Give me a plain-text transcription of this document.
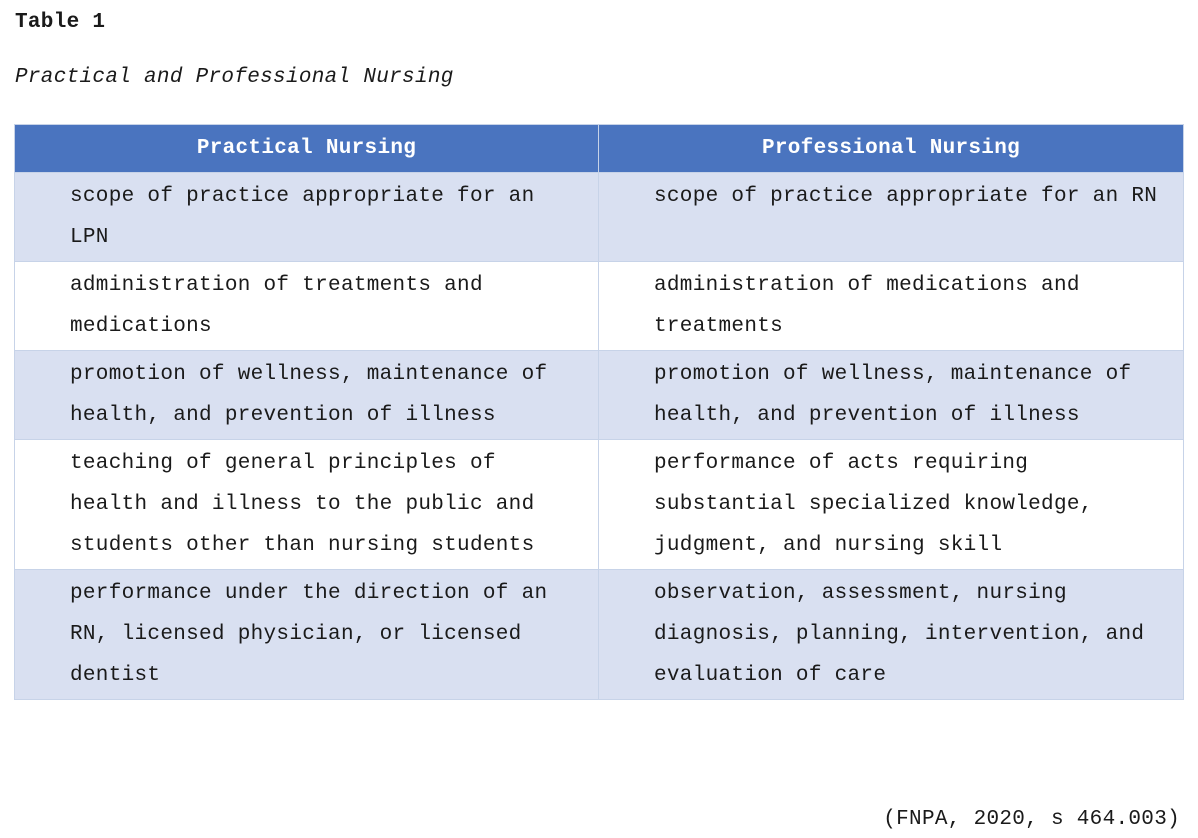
Table 1
Practical and Professional Nursing
Practical Nursing	Professional Nursing
scope of practice appropriate for an LPN	scope of practice appropriate for an RN
administration of treatments and medications	administration of medications and treatments
promotion of wellness, maintenance of health, and prevention of illness	promotion of wellness, maintenance of health, and prevention of illness
teaching of general principles of health and illness to the public and students other than nursing students	performance of acts requiring substantial specialized knowledge, judgment, and nursing skill
performance under the direction of an RN, licensed physician, or licensed dentist	observation, assessment, nursing diagnosis, planning, intervention, and evaluation of care
(FNPA, 2020, s 464.003)
